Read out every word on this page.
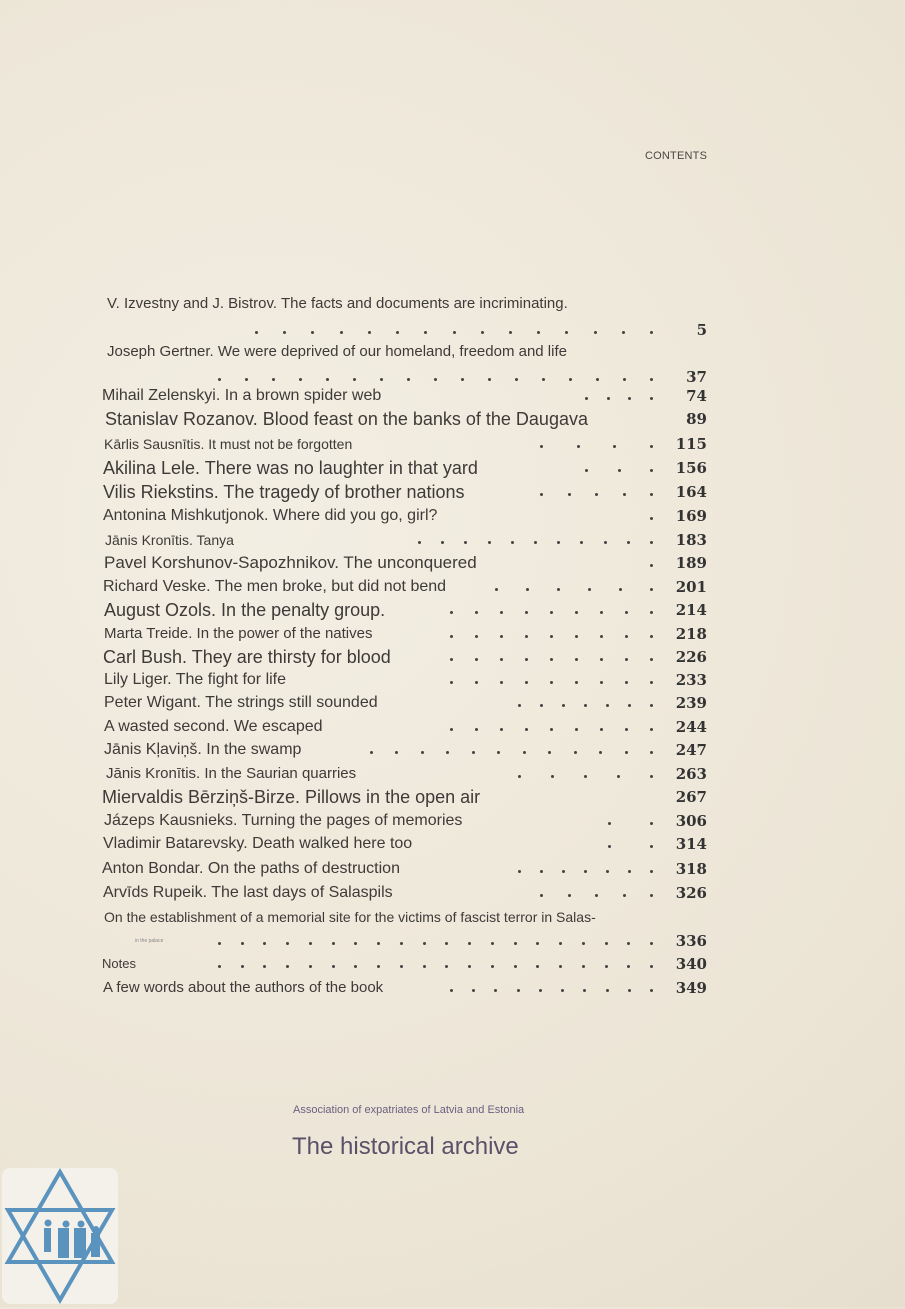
CONTENTS
V. Izvestny and J. Bistrov. The facts and documents are incriminating.
5
Joseph Gertner. We were deprived of our homeland, freedom and life
37
Mihail Zelenskyi. In a brown spider web	74
Stanislav Rozanov. Blood feast on the banks of the Daugava	89
Kārlis Sausnītis. It must not be forgotten	115
Akilina Lele. There was no laughter in that yard	156
Vilis Riekstins. The tragedy of brother nations	164
Antonina Mishkutjonok. Where did you go, girl?	169
Jānis Kronītis. Tanya	183
Pavel Korshunov-Sapozhnikov. The unconquered	189
Richard Veske. The men broke, but did not bend	201
August Ozols. In the penalty group.	214
Marta Treide. In the power of the natives	218
Carl Bush. They are thirsty for blood	226
Lily Liger. The fight for life	233
Peter Wigant. The strings still sounded	239
A wasted second. We escaped	244
Jānis Kļaviņš. In the swamp	247
Jānis Kronītis. In the Saurian quarries	263
Miervaldis Bērziņš-Birze. Pillows in the open air	267
Jázeps Kausnieks. Turning the pages of memories	306
Vladimir Batarevsky. Death walked here too	314
Anton Bondar. On the paths of destruction	318
Arvīds Rupeik. The last days of Salaspils	326
On the establishment of a memorial site for the victims of fascist terror in Salas-
in the palace	336
Notes	340
A few words about the authors of the book	349
Association of expatriates of Latvia and Estonia
The historical archive
